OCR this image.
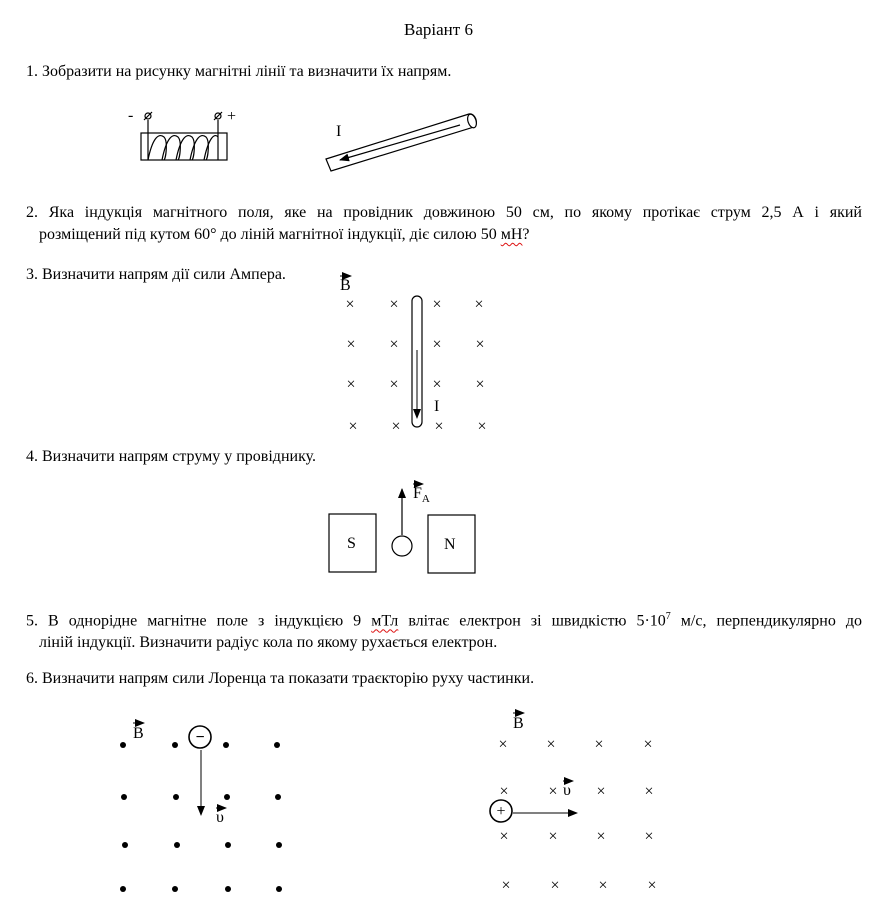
Варіант 6
1. Зобразити на рисунку магнітні лінії та визначити їх напрям.
2. Яка індукція магнітного поля, яке на провідник довжиною 50 см, по якому протікає струм 2,5 А і який
розміщений під кутом 60° до ліній магнітної індукції, діє силою 50 мН?
3. Визначити напрям дії сили Ампера.
4. Визначити напрям струму у провіднику.
5. В однорідне магнітне поле з індукцією 9 мТл влітає електрон зі швидкістю $5\cdot 10^7$ м/с, перпендикулярно до
ліній індукції. Визначити радіус кола по якому рухається електрон.
6. Визначити напрям сили Лоренца та показати траєкторію руху частинки.
-	+
I
B
× × × ×
× × × ×
× × × ×
× × × ×
I
S	N
$F_A$
B	−
υ
B
× × × ×
× × × ×
× × × ×
× × × ×
+
υ
